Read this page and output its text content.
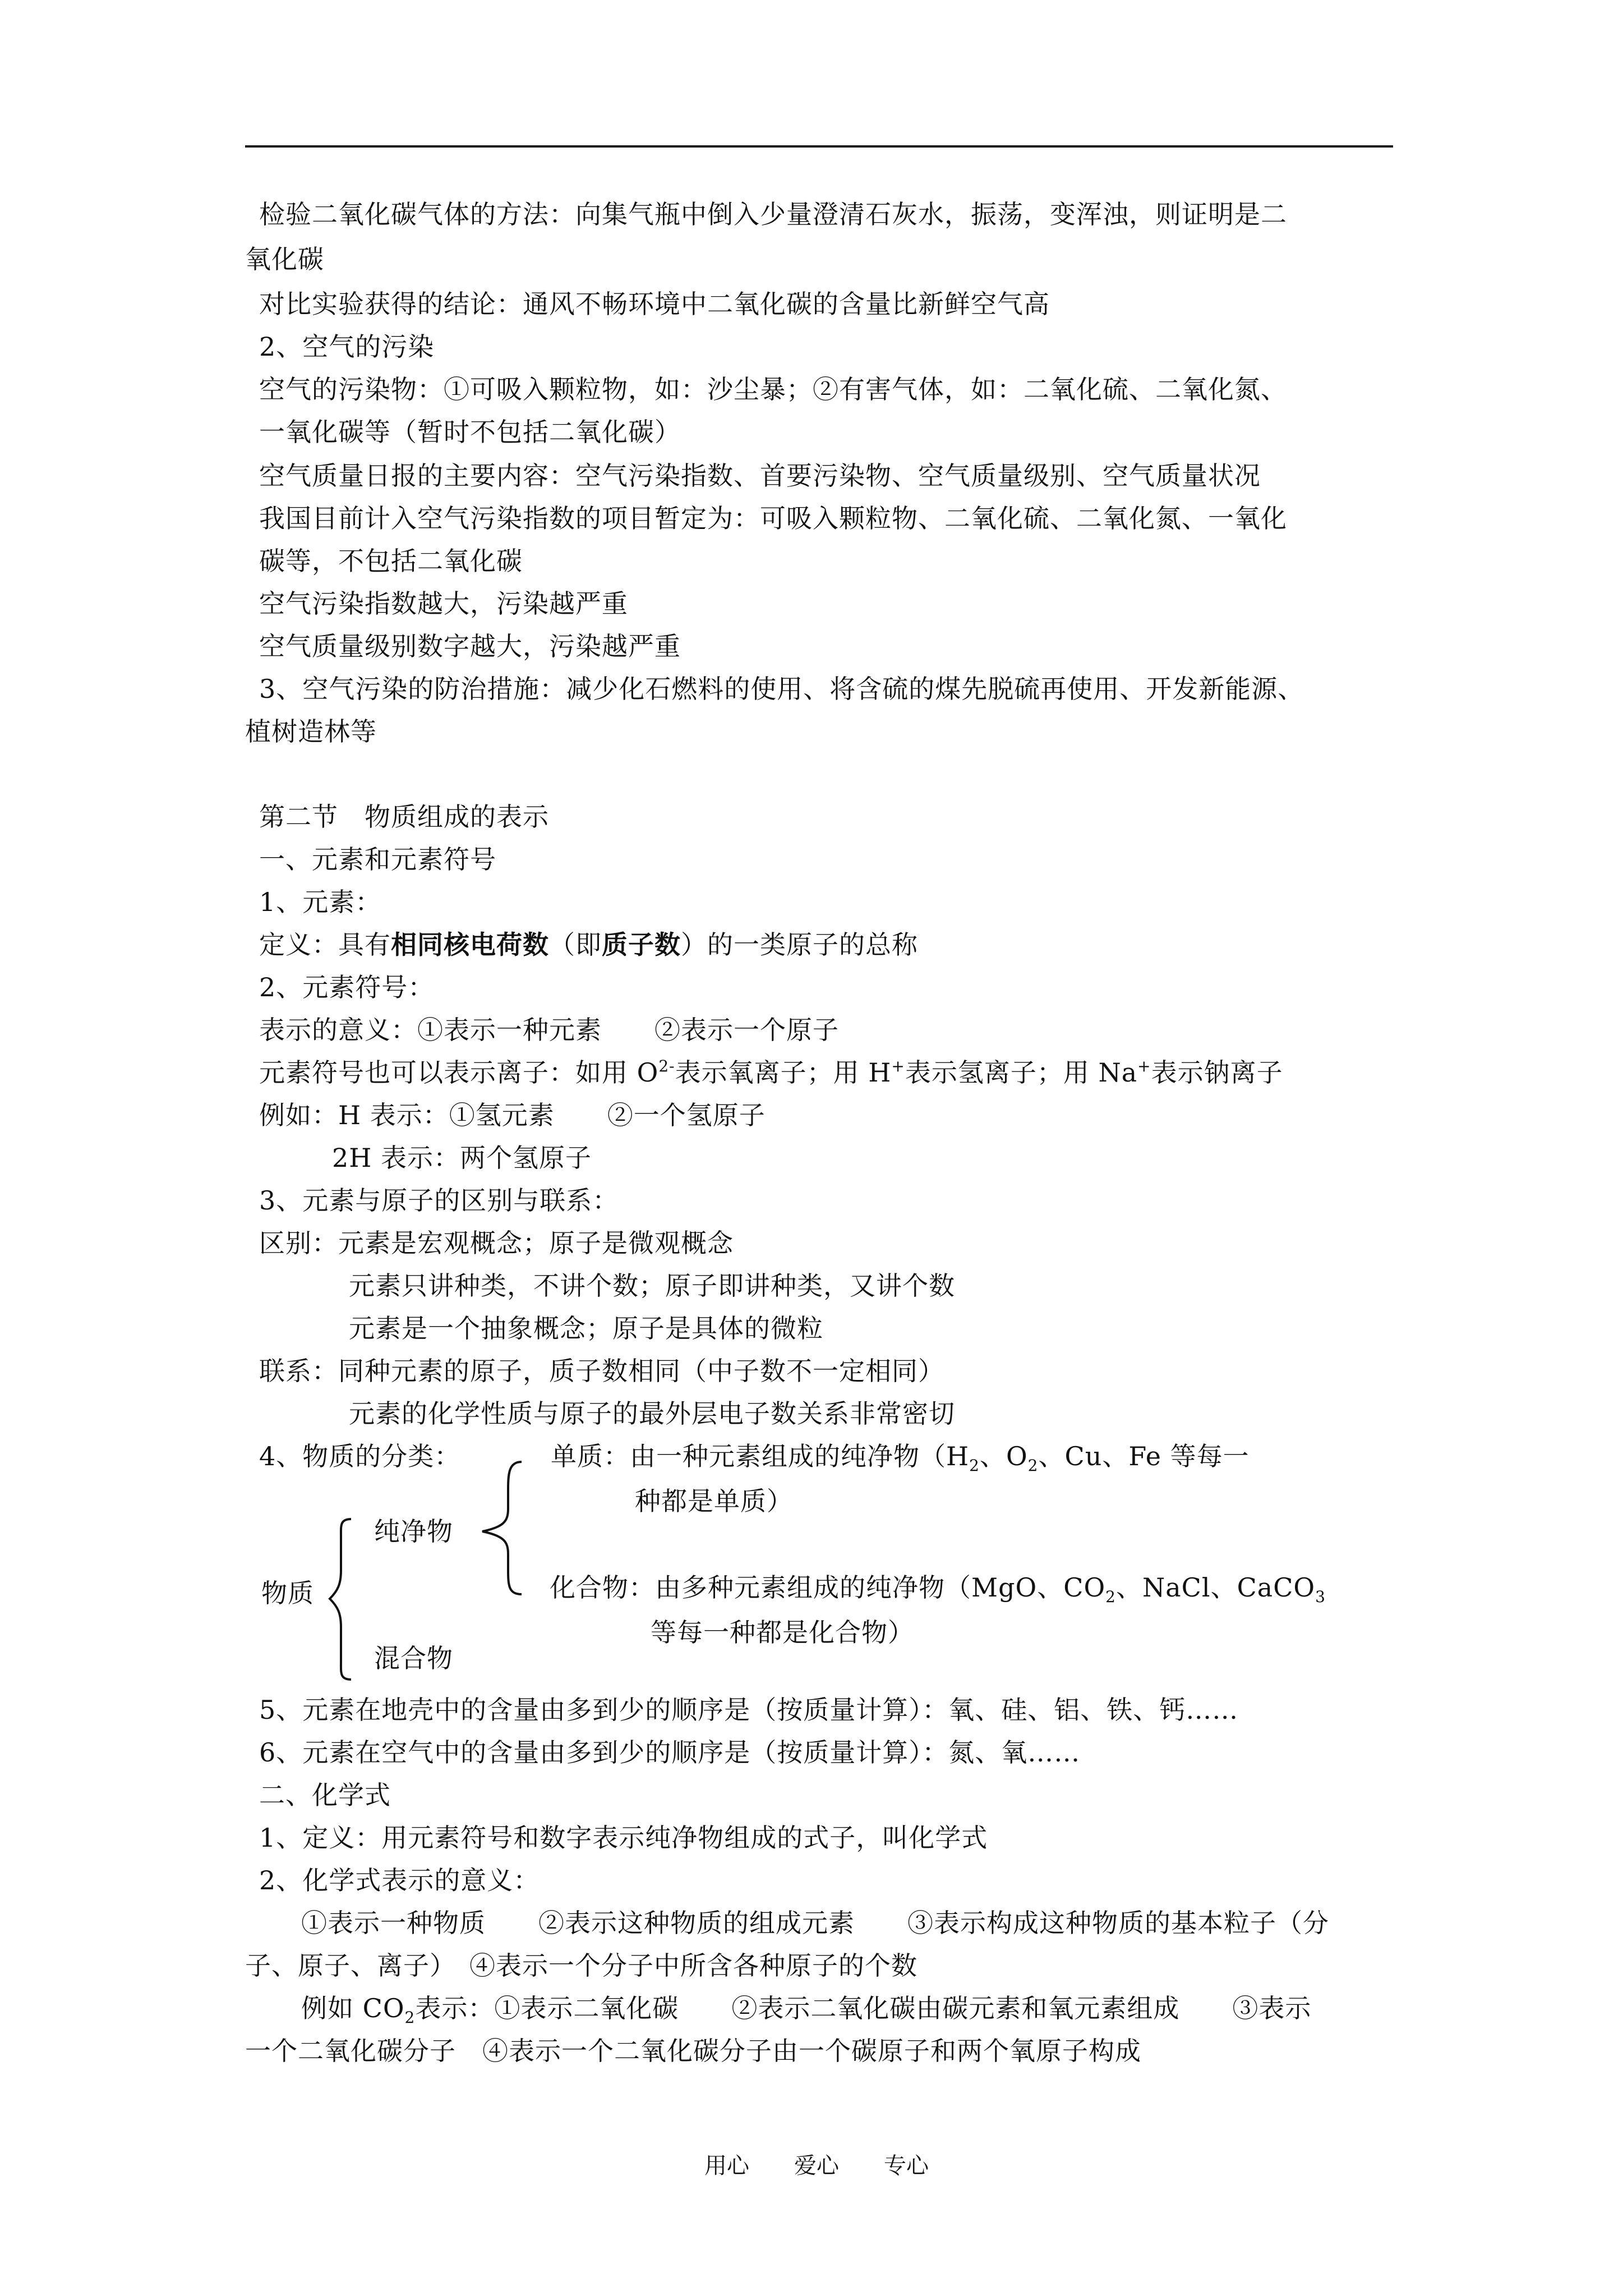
检验二氧化碳气体的方法：向集气瓶中倒入少量澄清石灰水，振荡，变浑浊，则证明是二
氧化碳
对比实验获得的结论：通风不畅环境中二氧化碳的含量比新鲜空气高
2、空气的污染
空气的污染物：①可吸入颗粒物，如：沙尘暴；②有害气体，如：二氧化硫、二氧化氮、
一氧化碳等（暂时不包括二氧化碳）
空气质量日报的主要内容：空气污染指数、首要污染物、空气质量级别、空气质量状况
我国目前计入空气污染指数的项目暂定为：可吸入颗粒物、二氧化硫、二氧化氮、一氧化
碳等，不包括二氧化碳
空气污染指数越大，污染越严重
空气质量级别数字越大，污染越严重
3、空气污染的防治措施：减少化石燃料的使用、将含硫的煤先脱硫再使用、开发新能源、
植树造林等
第二节　物质组成的表示
一、元素和元素符号
1、元素：
定义：具有相同核电荷数（即质子数）的一类原子的总称
2、元素符号：
表示的意义：①表示一种元素　　②表示一个原子
元素符号也可以表示离子：如用 $O^{2-}$表示氧离子；用 H+表示氢离子；用 Na+表示钠离子
例如：H 表示：①氢元素　　②一个氢原子
2H 表示：两个氢原子
3、元素与原子的区别与联系：
区别：元素是宏观概念；原子是微观概念
元素只讲种类，不讲个数；原子即讲种类，又讲个数
元素是一个抽象概念；原子是具体的微粒
联系：同种元素的原子，质子数相同（中子数不一定相同）
元素的化学性质与原子的最外层电子数关系非常密切
4、物质的分类：	单质：由一种元素组成的纯净物（$H_2$、$O_2$、Cu、Fe 等每一
种都是单质）
纯净物
物质	化合物：由多种元素组成的纯净物（MgO、$CO_2$、NaCl、CaCO$_3$
等每一种都是化合物）
混合物
5、元素在地壳中的含量由多到少的顺序是（按质量计算）：氧、硅、铝、铁、钙……
6、元素在空气中的含量由多到少的顺序是（按质量计算）：氮、氧……
二、化学式
1、定义：用元素符号和数字表示纯净物组成的式子，叫化学式
2、化学式表示的意义：
①表示一种物质　　②表示这种物质的组成元素　　③表示构成这种物质的基本粒子（分
子、原子、离子）　④表示一个分子中所含各种原子的个数
例如 $CO_2$表示：①表示二氧化碳　　②表示二氧化碳由碳元素和氧元素组成　　③表示
一个二氧化碳分子　④表示一个二氧化碳分子由一个碳原子和两个氧原子构成
用心　　爱心　　专心
